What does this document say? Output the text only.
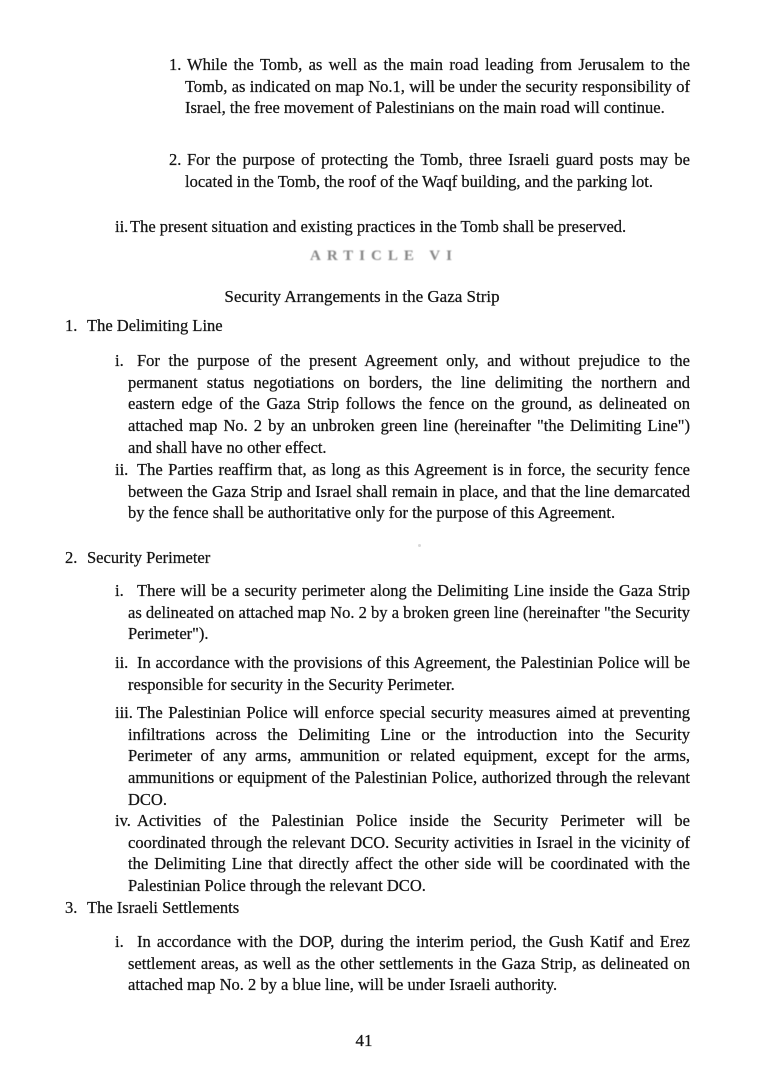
1. While the Tomb, as well as the main road leading from Jerusalem to the Tomb, as indicated on map No.1, will be under the security responsibility of Israel, the free movement of Palestinians on the main road will continue.
2. For the purpose of protecting the Tomb, three Israeli guard posts may be located in the Tomb, the roof of the Waqf building, and the parking lot.
ii. The present situation and existing practices in the Tomb shall be preserved.
ARTICLE VI
Security Arrangements in the Gaza Strip
1. The Delimiting Line
i. For the purpose of the present Agreement only, and without prejudice to the permanent status negotiations on borders, the line delimiting the northern and eastern edge of the Gaza Strip follows the fence on the ground, as delineated on attached map No. 2 by an unbroken green line (hereinafter "the Delimiting Line") and shall have no other effect.
ii. The Parties reaffirm that, as long as this Agreement is in force, the security fence between the Gaza Strip and Israel shall remain in place, and that the line demarcated by the fence shall be authoritative only for the purpose of this Agreement.
2. Security Perimeter
i. There will be a security perimeter along the Delimiting Line inside the Gaza Strip as delineated on attached map No. 2 by a broken green line (hereinafter "the Security Perimeter").
ii. In accordance with the provisions of this Agreement, the Palestinian Police will be responsible for security in the Security Perimeter.
iii. The Palestinian Police will enforce special security measures aimed at preventing infiltrations across the Delimiting Line or the introduction into the Security Perimeter of any arms, ammunition or related equipment, except for the arms, ammunitions or equipment of the Palestinian Police, authorized through the relevant DCO.
iv. Activities of the Palestinian Police inside the Security Perimeter will be coordinated through the relevant DCO. Security activities in Israel in the vicinity of the Delimiting Line that directly affect the other side will be coordinated with the Palestinian Police through the relevant DCO.
3. The Israeli Settlements
i. In accordance with the DOP, during the interim period, the Gush Katif and Erez settlement areas, as well as the other settlements in the Gaza Strip, as delineated on attached map No. 2 by a blue line, will be under Israeli authority.
41
